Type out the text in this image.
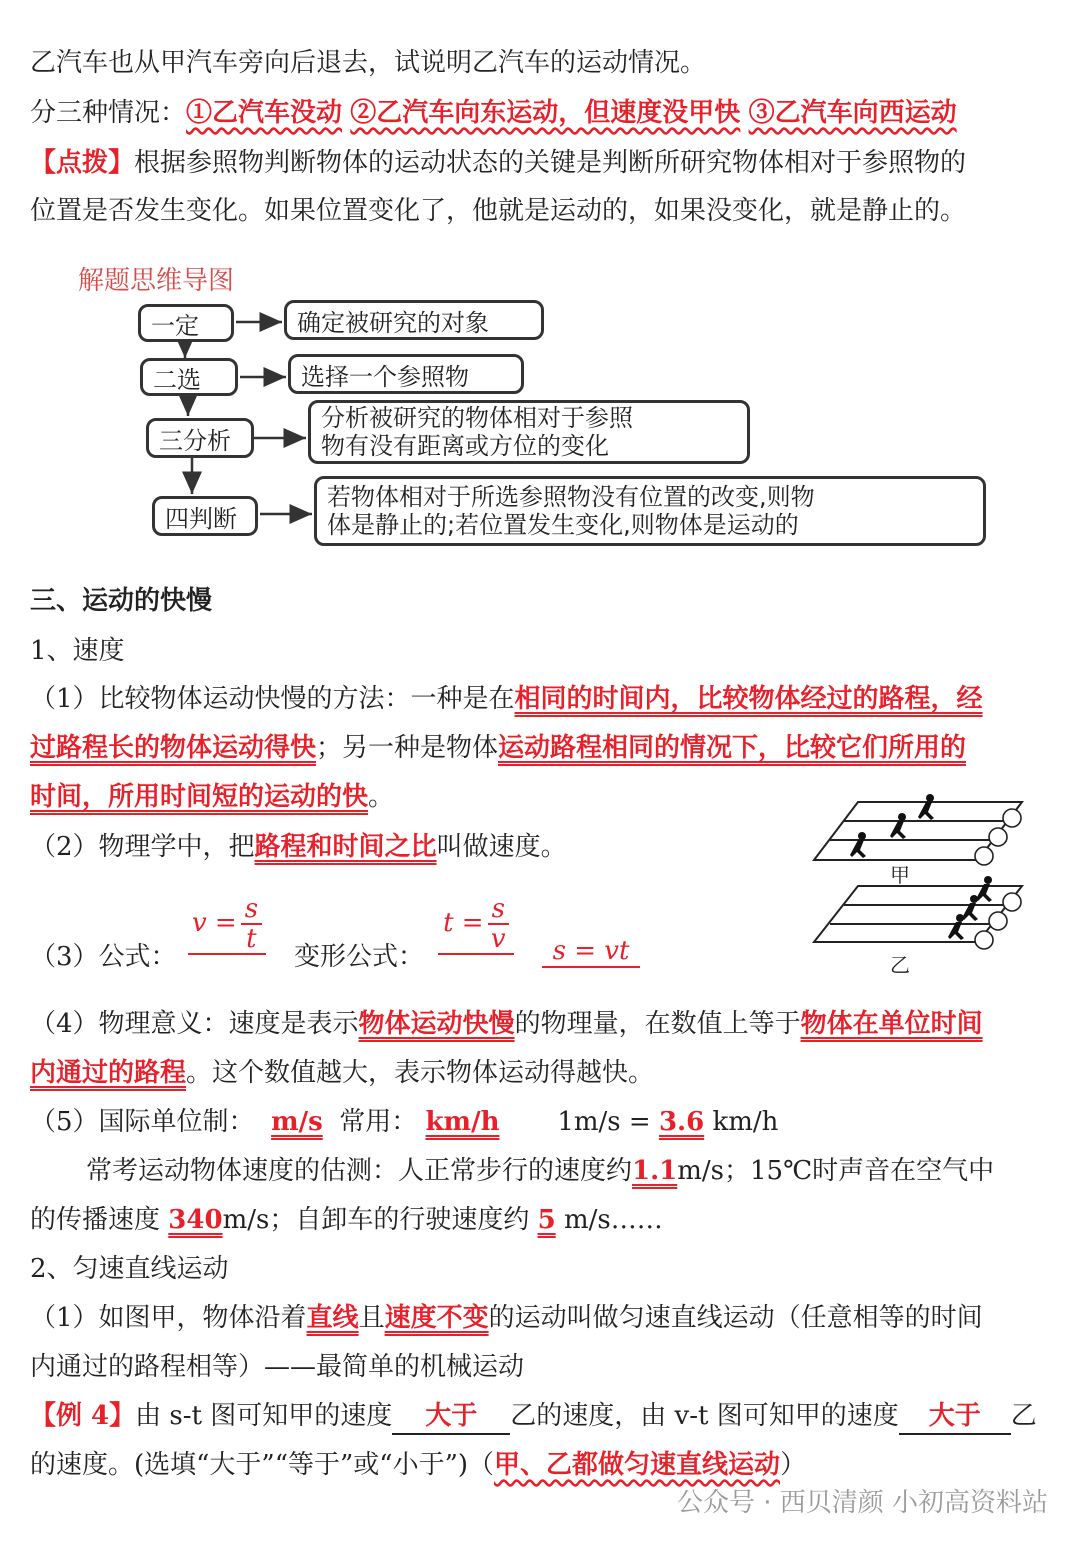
乙汽车也从甲汽车旁向后退去，试说明乙汽车的运动情况。
分三种情况：①乙汽车没动 ②乙汽车向东运动，但速度没甲快 ③乙汽车向西运动
【点拨】根据参照物判断物体的运动状态的关键是判断所研究物体相对于参照物的
位置是否发生变化。如果位置变化了，他就是运动的，如果没变化，就是静止的。
解题思维导图
一定	确定被研究的对象
二选	选择一个参照物
三分析
分析被研究的物体相对于参照
物有没有距离或方位的变化
四判断
若物体相对于所选参照物没有位置的改变,则物
体是静止的;若位置发生变化,则物体是运动的
三、运动的快慢
1、速度
（1）比较物体运动快慢的方法：一种是在相同的时间内，比较物体经过的路程，经
过路程长的物体运动得快；另一种是物体运动路程相同的情况下，比较它们所用的
时间，所用时间短的运动的快。
（2）物理学中，把路程和时间之比叫做速度。
（3）公式：
$v = \frac{s}{t}$
变形公式：
$t = \frac{s}{v}$	s = vt
甲
乙
（4）物理意义：速度是表示物体运动快慢的物理量，在数值上等于物体在单位时间
内通过的路程。这个数值越大，表示物体运动得越快。
（5）国际单位制： m/s 常用： km/h 1m/s = 3.6 km/h
常考运动物体速度的估测：人正常步行的速度约1.1m/s；15℃时声音在空气中
的传播速度 340m/s；自卸车的行驶速度约 5 m/s……
2、匀速直线运动
（1）如图甲，物体沿着直线且速度不变的运动叫做匀速直线运动（任意相等的时间
内通过的路程相等）——最简单的机械运动
【例 4】由 s-t 图可知甲的速度 大于 乙的速度，由 v-t 图可知甲的速度 大于 乙
的速度。(选填“大于”“等于”或“小于”)（甲、乙都做匀速直线运动）
公众号 · 西贝清颜 小初高资料站
